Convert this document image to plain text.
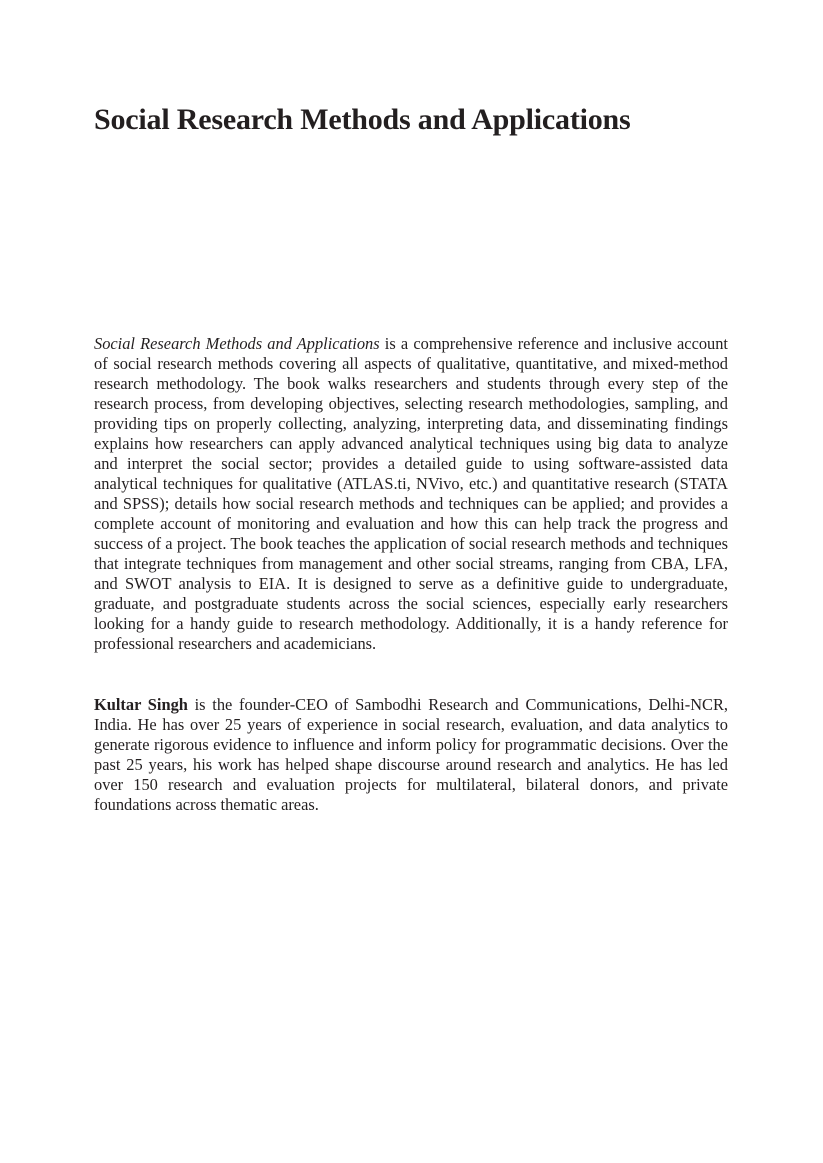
Social Research Methods and Applications

Social Research Methods and Applications is a comprehensive reference and inclusive account of social research methods covering all aspects of qualitative, quantitative, and mixed-method research methodology. The book walks researchers and students through every step of the research process, from developing objectives, selecting research methodologies, sampling, and providing tips on properly collecting, analyzing, interpreting data, and disseminating findings explains how researchers can apply advanced analytical techniques using big data to analyze and interpret the social sector; provides a detailed guide to using software-assisted data analytical techniques for qualitative (ATLAS.ti, NVivo, etc.) and quantitative research (STATA and SPSS); details how social research methods and techniques can be applied; and provides a complete account of monitoring and evaluation and how this can help track the progress and success of a project. The book teaches the application of social research methods and techniques that integrate techniques from management and other social streams, ranging from CBA, LFA, and SWOT analysis to EIA. It is designed to serve as a definitive guide to undergraduate, graduate, and postgraduate students across the social sciences, especially early researchers looking for a handy guide to research methodology. Additionally, it is a handy reference for professional researchers and academicians.

Kultar Singh is the founder-CEO of Sambodhi Research and Communications, Delhi-NCR, India. He has over 25 years of experience in social research, evaluation, and data analytics to generate rigorous evidence to influence and inform policy for programmatic decisions. Over the past 25 years, his work has helped shape discourse around research and analytics. He has led over 150 research and evaluation projects for multilateral, bilateral donors, and private foundations across thematic areas.
